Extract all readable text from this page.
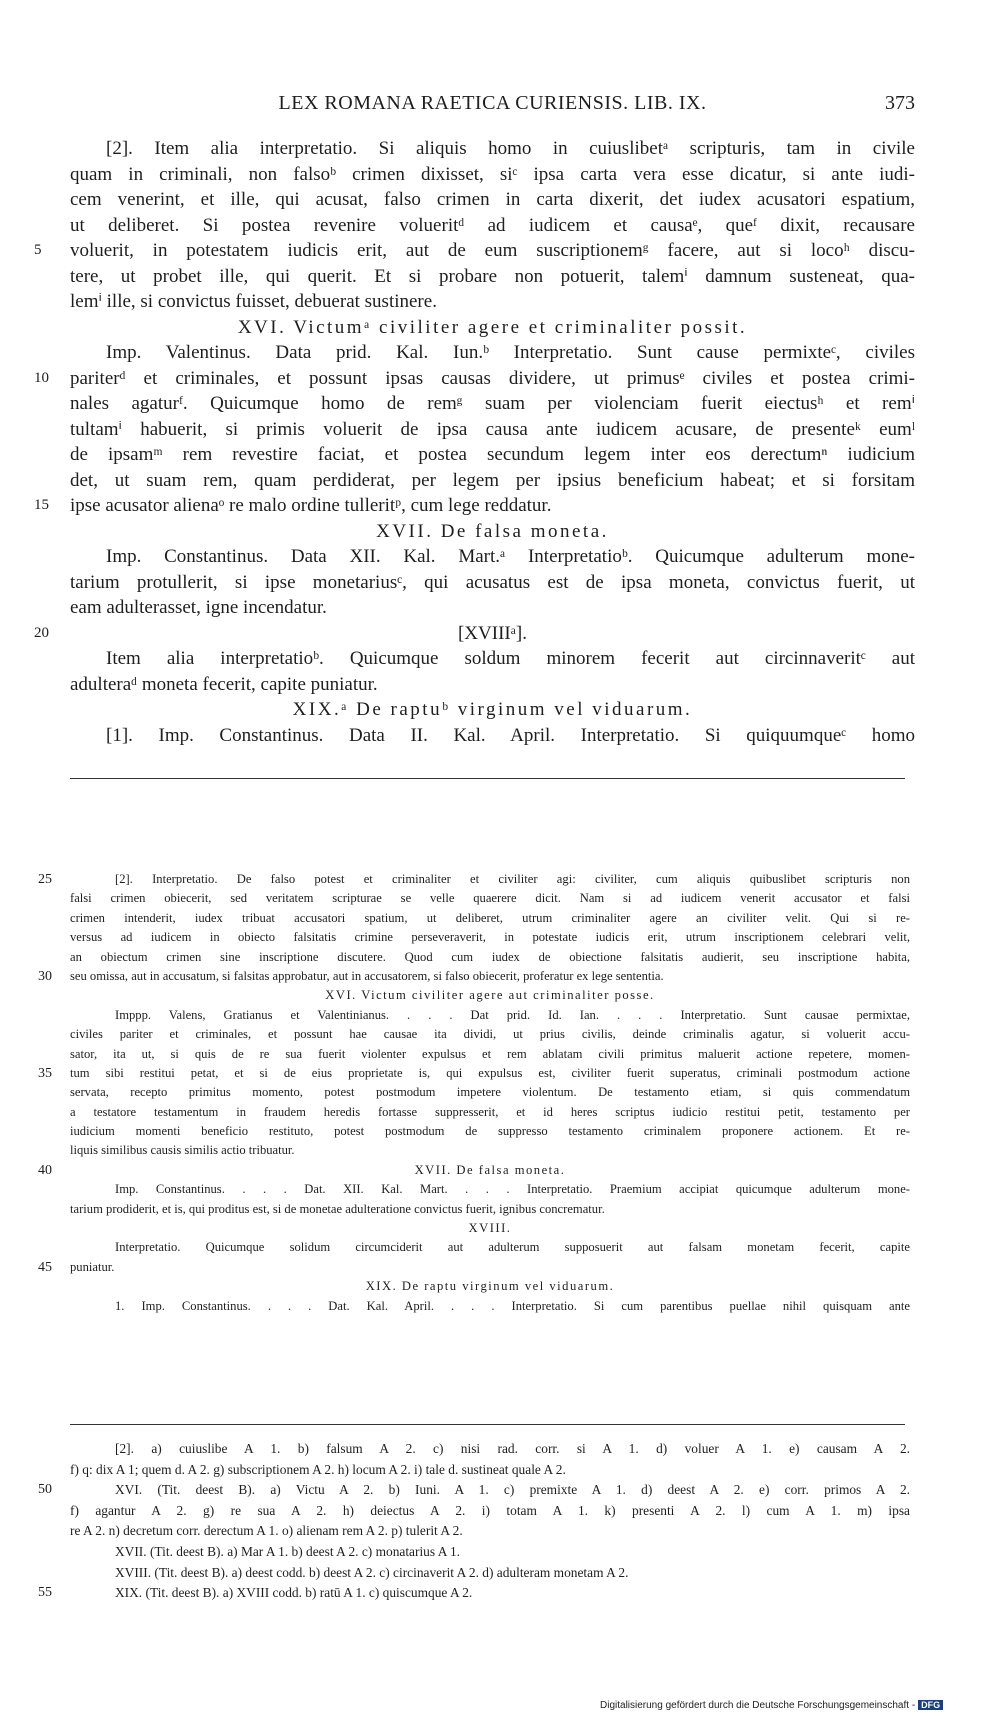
LEX ROMANA RAETICA CURIENSIS. LIB. IX.	373
[2]. Item alia interpretatio. Si aliquis homo in cuiuslibetᵃ scripturis, tam in civile
quam in criminali, non falsoᵇ crimen dixisset, siᶜ ipsa carta vera esse dicatur, si ante iudi-
cem venerint, et ille, qui acusat, falso crimen in carta dixerit, det iudex acusatori espatium,
ut deliberet. Si postea revenire volueritᵈ ad iudicem et causaᵉ, queᶠ dixit, recausare
5	voluerit, in potestatem iudicis erit, aut de eum suscriptionemᵍ facere, aut si locoʰ discu-
tere, ut probet ille, qui querit. Et si probare non potuerit, talemⁱ damnum susteneat, qua-
lemⁱ ille, si convictus fuisset, debuerat sustinere.
XVI. Victumᵃ civiliter agere et criminaliter possit.
Imp. Valentinus. Data prid. Kal. Iun.ᵇ Interpretatio. Sunt cause permixteᶜ, civiles
10	pariterᵈ et criminales, et possunt ipsas causas dividere, ut primusᵉ civiles et postea crimi-
nales agaturᶠ. Quicumque homo de remᵍ suam per violenciam fuerit eiectusʰ et remⁱ
tultamⁱ habuerit, si primis voluerit de ipsa causa ante iudicem acusare, de presenteᵏ eumˡ
de ipsamᵐ rem revestire faciat, et postea secundum legem inter eos derectumⁿ iudicium
det, ut suam rem, quam perdiderat, per legem per ipsius beneficium habeat; et si forsitam
15	ipse acusator alienaᵒ re malo ordine tulleritᵖ, cum lege reddatur.
XVII. De falsa moneta.
Imp. Constantinus. Data XII. Kal. Mart.ᵃ Interpretatioᵇ. Quicumque adulterum mone-
tarium protullerit, si ipse monetariusᶜ, qui acusatus est de ipsa moneta, convictus fuerit, ut
eam adulterasset, igne incendatur.
20	[XVIIIᵃ].
Item alia interpretatioᵇ. Quicumque soldum minorem fecerit aut circinnaveritᶜ aut
adulteraᵈ moneta fecerit, capite puniatur.
XIX.ᵃ De raptuᵇ virginum vel viduarum.
[1]. Imp. Constantinus. Data II. Kal. April. Interpretatio. Si quiquumqueᶜ homo
25	[2]. Interpretatio. De falso potest et criminaliter et civiliter agi: civiliter, cum aliquis quibuslibet scripturis non
falsi crimen obiecerit, sed veritatem scripturae se velle quaerere dicit. Nam si ad iudicem venerit accusator et falsi
crimen intenderit, iudex tribuat accusatori spatium, ut deliberet, utrum criminaliter agere an civiliter velit. Qui si re-
versus ad iudicem in obiecto falsitatis crimine perseveraverit, in potestate iudicis erit, utrum inscriptionem celebrari velit,
an obiectum crimen sine inscriptione discutere. Quod cum iudex de obiectione falsitatis audierit, seu inscriptione habita,
30	seu omissa, aut in accusatum, si falsitas approbatur, aut in accusatorem, si falso obiecerit, proferatur ex lege sententia.
XVI. Victum civiliter agere aut criminaliter posse.
Imppp. Valens, Gratianus et Valentinianus. . . . Dat prid. Id. Ian. . . . Interpretatio. Sunt causae permixtae,
civiles pariter et criminales, et possunt hae causae ita dividi, ut prius civilis, deinde criminalis agatur, si voluerit accu-
sator, ita ut, si quis de re sua fuerit violenter expulsus et rem ablatam civili primitus maluerit actione repetere, momen-
35	tum sibi restitui petat, et si de eius proprietate is, qui expulsus est, civiliter fuerit superatus, criminali postmodum actione
servata, recepto primitus momento, potest postmodum impetere violentum. De testamento etiam, si quis commendatum
a testatore testamentum in fraudem heredis fortasse suppresserit, et id heres scriptus iudicio restitui petit, testamento per
iudicium momenti beneficio restituto, potest postmodum de suppresso testamento criminalem proponere actionem. Et re-
liquis similibus causis similis actio tribuatur.
40	XVII. De falsa moneta.
Imp. Constantinus. . . . Dat. XII. Kal. Mart. . . . Interpretatio. Praemium accipiat quicumque adulterum mone-
tarium prodiderit, et is, qui proditus est, si de monetae adulteratione convictus fuerit, ignibus concrematur.
XVIII.
Interpretatio. Quicumque solidum circumciderit aut adulterum supposuerit aut falsam monetam fecerit, capite
45	puniatur.
XIX. De raptu virginum vel viduarum.
1. Imp. Constantinus. . . . Dat. Kal. April. . . . Interpretatio. Si cum parentibus puellae nihil quisquam ante
[2]. a) cuiuslibe A 1. b) falsum A 2. c) nisi rad. corr. si A 1. d) voluer A 1. e) causam A 2.
f) q: dix A 1; quem d. A 2. g) subscriptionem A 2. h) locum A 2. i) tale d. sustineat quale A 2.
50	XVI. (Tit. deest B). a) Victu A 2. b) Iuni. A 1. c) premixte A 1. d) deest A 2. e) corr. primos A 2.
f) agantur A 2. g) re sua A 2. h) deiectus A 2. i) totam A 1. k) presenti A 2. l) cum A 1. m) ipsa
re A 2. n) decretum corr. derectum A 1. o) alienam rem A 2. p) tulerit A 2.
XVII. (Tit. deest B). a) Mar A 1. b) deest A 2. c) monatarius A 1.
XVIII. (Tit. deest B). a) deest codd. b) deest A 2. c) circinaverit A 2. d) adulteram monetam A 2.
55	XIX. (Tit. deest B). a) XVIII codd. b) ratū A 1. c) quiscumque A 2.
Digitalisierung gefördert durch die Deutsche Forschungsgemeinschaft - DFG
